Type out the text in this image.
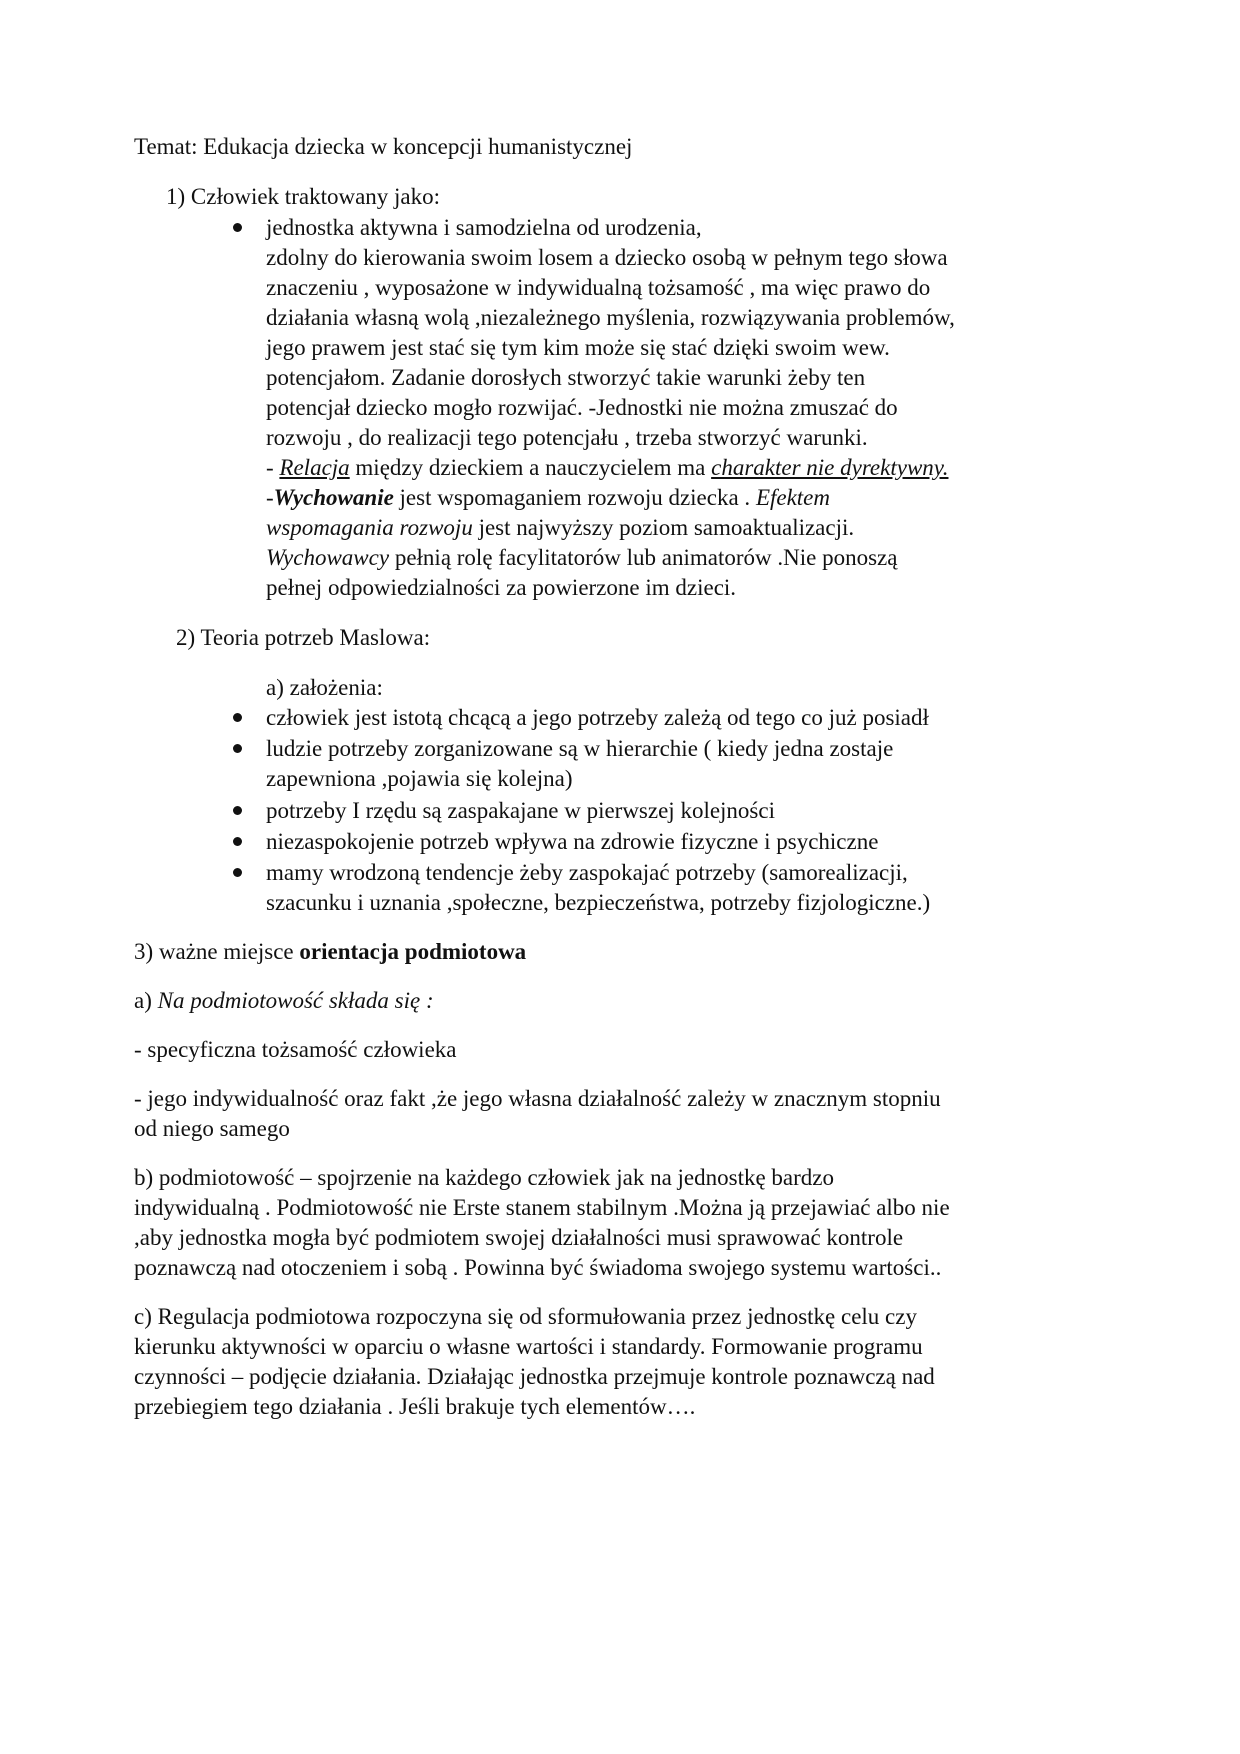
Temat: Edukacja dziecka w koncepcji humanistycznej
1) Człowiek traktowany jako:
jednostka aktywna i samodzielna od urodzenia,
zdolny do kierowania swoim losem a dziecko osobą w pełnym tego słowa
znaczeniu , wyposażone w indywidualną tożsamość , ma więc prawo do
działania własną wolą ,niezależnego myślenia, rozwiązywania problemów,
jego prawem jest stać się tym kim może się stać dzięki swoim wew.
potencjałom. Zadanie dorosłych stworzyć takie warunki żeby ten
potencjał dziecko mogło rozwijać. -Jednostki nie można zmuszać do
rozwoju , do realizacji tego potencjału , trzeba stworzyć warunki.
- Relacja między dzieckiem a nauczycielem ma charakter nie dyrektywny.
-Wychowanie jest wspomaganiem rozwoju dziecka . Efektem
wspomagania rozwoju jest najwyższy poziom samoaktualizacji.
Wychowawcy pełnią rolę facylitatorów lub animatorów .Nie ponoszą
pełnej odpowiedzialności za powierzone im dzieci.
2) Teoria potrzeb Maslowa:
a) założenia:
człowiek jest istotą chcącą a jego potrzeby zależą od tego co już posiadł
ludzie potrzeby zorganizowane są w hierarchie ( kiedy jedna zostaje
zapewniona ,pojawia się kolejna)
potrzeby I rzędu są zaspakajane w pierwszej kolejności
niezaspokojenie potrzeb wpływa na zdrowie fizyczne i psychiczne
mamy wrodzoną tendencje żeby zaspokajać potrzeby (samorealizacji,
szacunku i uznania ,społeczne, bezpieczeństwa, potrzeby fizjologiczne.)
3) ważne miejsce orientacja podmiotowa
a) Na podmiotowość składa się :
- specyficzna tożsamość człowieka
- jego indywidualność oraz fakt ,że jego własna działalność zależy w znacznym stopniu
od niego samego
b) podmiotowość – spojrzenie na każdego człowiek jak na jednostkę bardzo
indywidualną . Podmiotowość nie Erste stanem stabilnym .Można ją przejawiać albo nie
,aby jednostka mogła być podmiotem swojej działalności musi sprawować kontrole
poznawczą nad otoczeniem i sobą . Powinna być świadoma swojego systemu wartości..
c) Regulacja podmiotowa rozpoczyna się od sformułowania przez jednostkę celu czy
kierunku aktywności w oparciu o własne wartości i standardy. Formowanie programu
czynności – podjęcie działania. Działając jednostka przejmuje kontrole poznawczą nad
przebiegiem tego działania . Jeśli brakuje tych elementów….
